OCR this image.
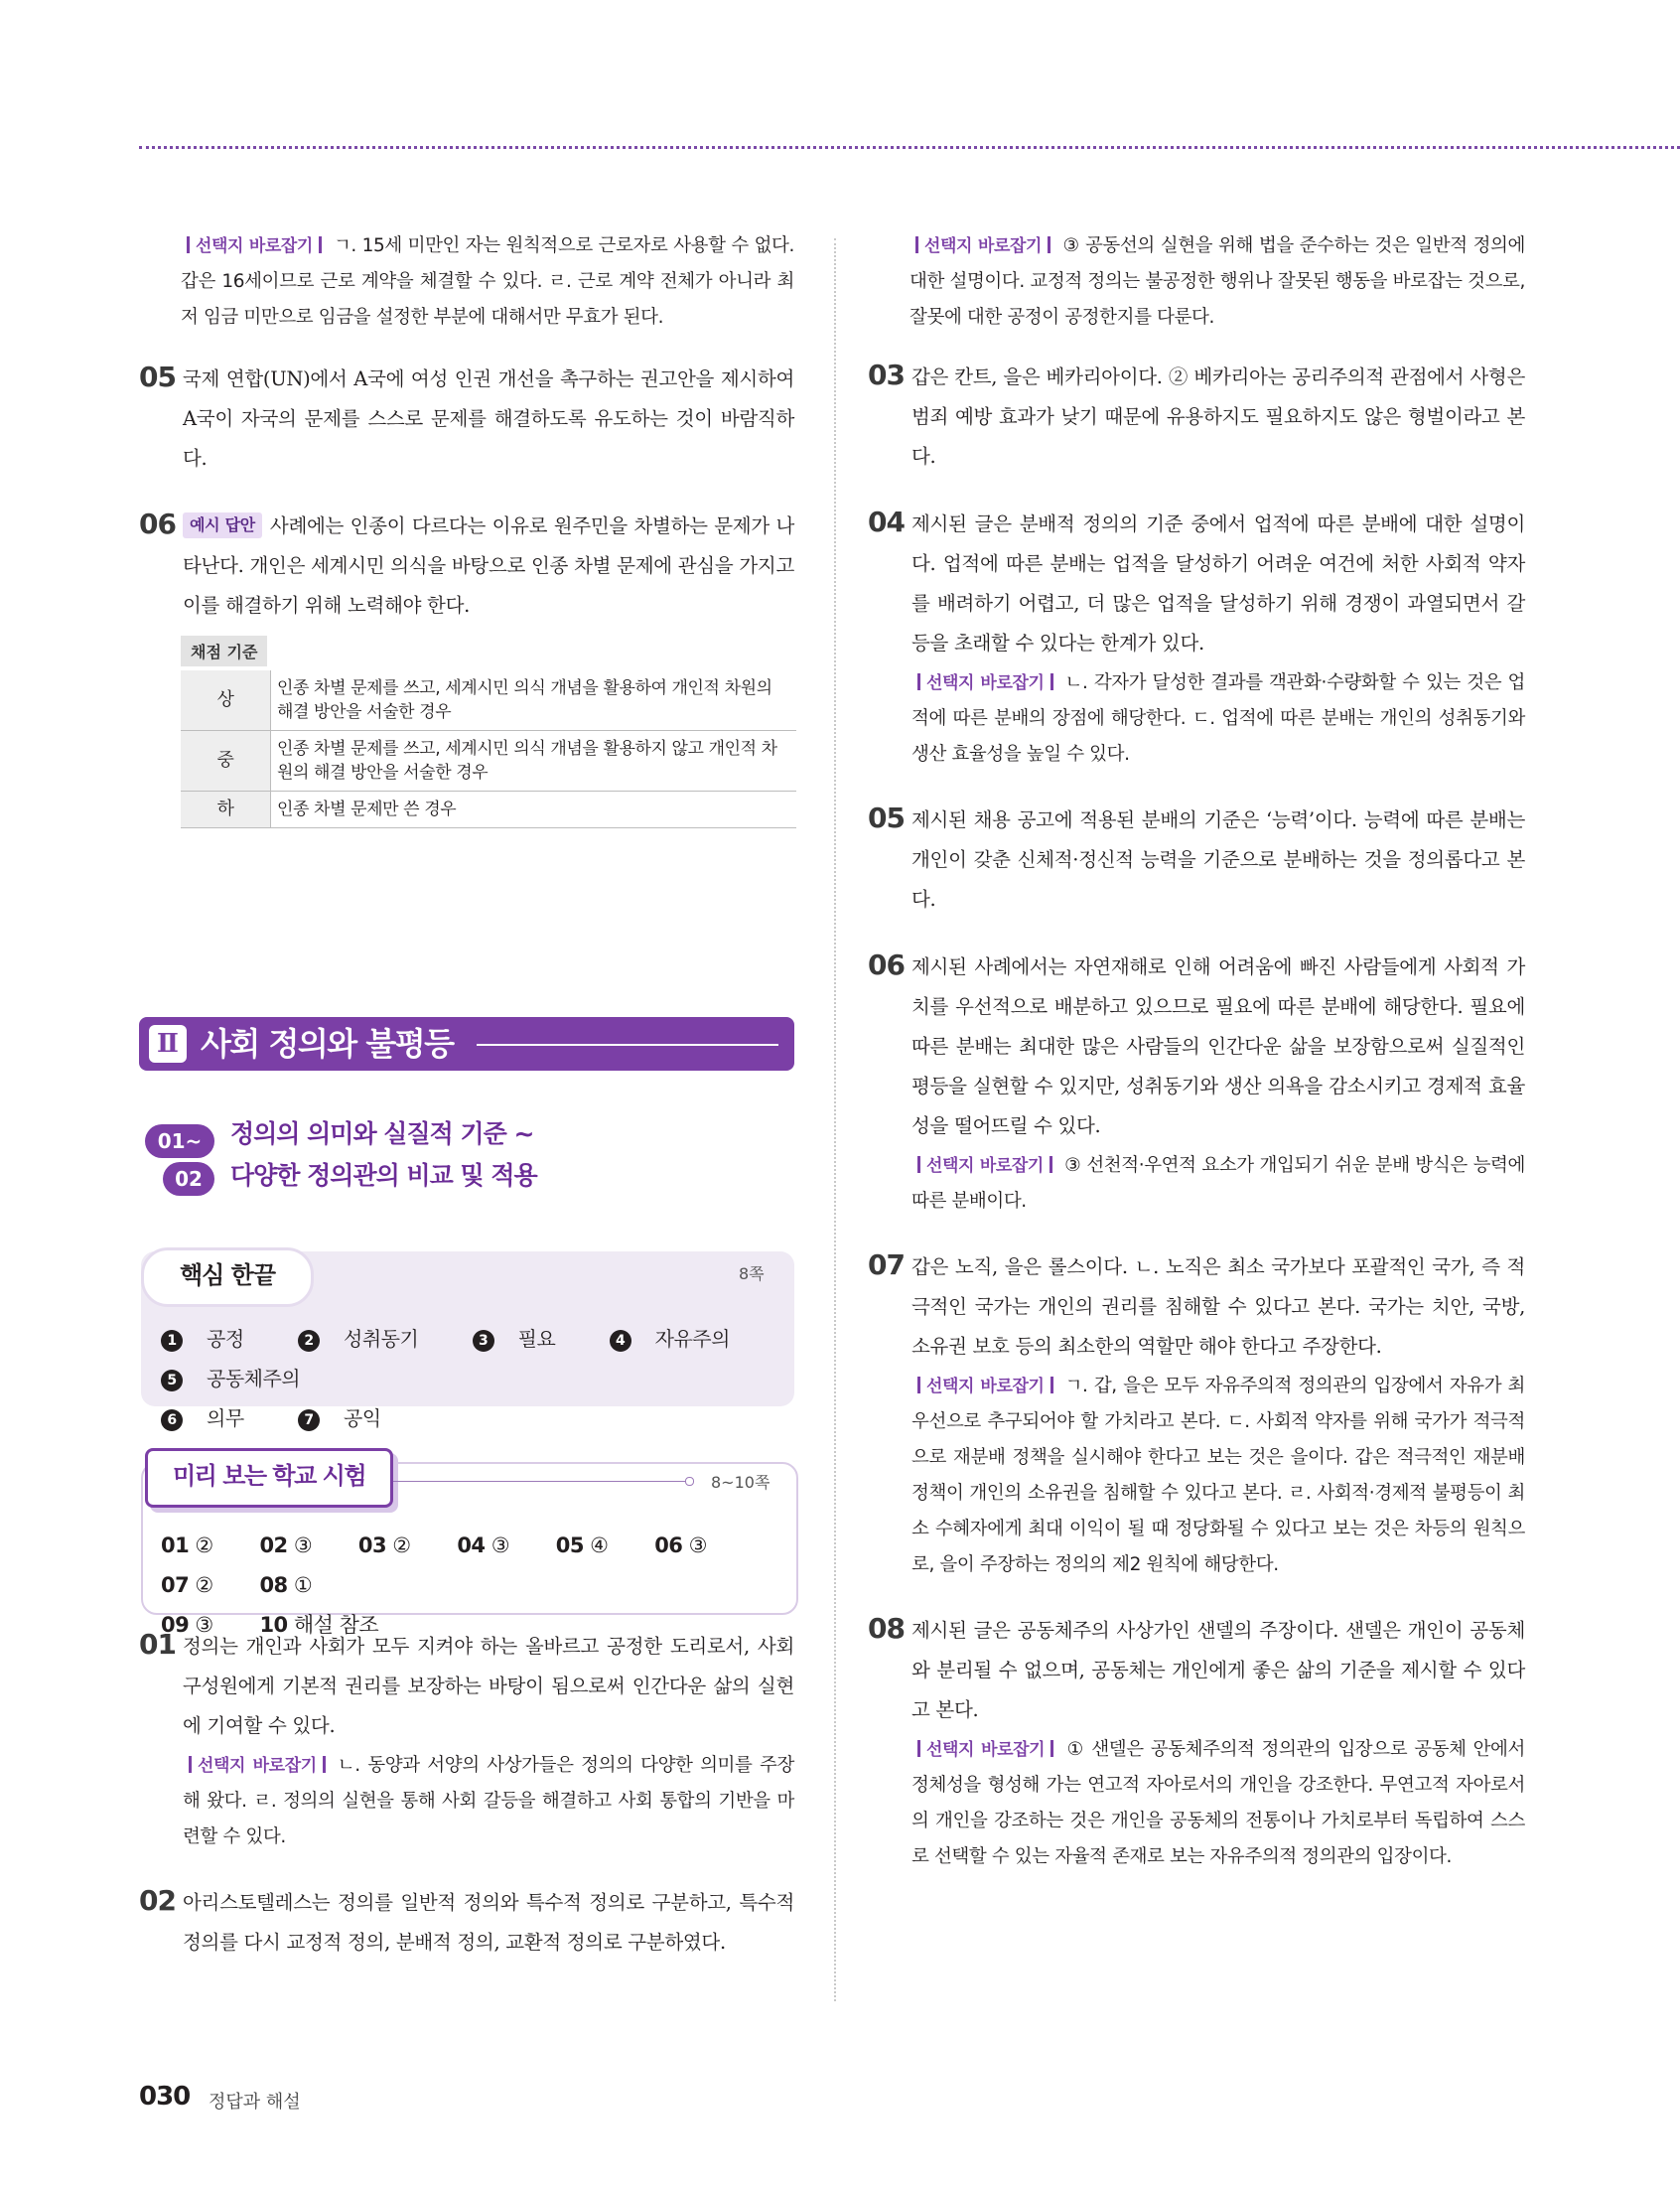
선택지 바로잡기 ㄱ. 15세 미만인 자는 원칙적으로 근로자로 사용할 수 없다. 갑은 16세이므로 근로 계약을 체결할 수 있다. ㄹ. 근로 계약 전체가 아니라 최저 임금 미만으로 임금을 설정한 부분에 대해서만 무효가 된다.
05 국제 연합(UN)에서 A국에 여성 인권 개선을 촉구하는 권고안을 제시하여 A국이 자국의 문제를 스스로 문제를 해결하도록 유도하는 것이 바람직하다.
06 예시 답안 사례에는 인종이 다르다는 이유로 원주민을 차별하는 문제가 나타난다. 개인은 세계시민 의식을 바탕으로 인종 차별 문제에 관심을 가지고 이를 해결하기 위해 노력해야 한다.
채점 기준
상	인종 차별 문제를 쓰고, 세계시민 의식 개념을 활용하여 개인적 차원의 해결 방안을 서술한 경우
중	인종 차별 문제를 쓰고, 세계시민 의식 개념을 활용하지 않고 개인적 차원의 해결 방안을 서술한 경우
하	인종 차별 문제만 쓴 경우
Ⅱ 사회 정의와 불평등
01~	정의의 의미와 실질적 기준 ~
02	다양한 정의관의 비교 및 적용
핵심 한끝	8쪽
1 공정	2 성취동기	3 필요	4 자유주의 5 공동체주의
6 의무	7 공익
미리 보는 학교 시험	8~10쪽
01 ② 02 ③ 03 ② 04 ③ 05 ④ 06 ③ 07 ② 08 ①
09 ③ 10 해설 참조
01 정의는 개인과 사회가 모두 지켜야 하는 올바르고 공정한 도리로서, 사회 구성원에게 기본적 권리를 보장하는 바탕이 됨으로써 인간다운 삶의 실현에 기여할 수 있다.
선택지 바로잡기 ㄴ. 동양과 서양의 사상가들은 정의의 다양한 의미를 주장해 왔다. ㄹ. 정의의 실현을 통해 사회 갈등을 해결하고 사회 통합의 기반을 마련할 수 있다.
02 아리스토텔레스는 정의를 일반적 정의와 특수적 정의로 구분하고, 특수적 정의를 다시 교정적 정의, 분배적 정의, 교환적 정의로 구분하였다.
선택지 바로잡기 ③ 공동선의 실현을 위해 법을 준수하는 것은 일반적 정의에 대한 설명이다. 교정적 정의는 불공정한 행위나 잘못된 행동을 바로잡는 것으로, 잘못에 대한 공정이 공정한지를 다룬다.
03 갑은 칸트, 을은 베카리아이다. ② 베카리아는 공리주의적 관점에서 사형은 범죄 예방 효과가 낮기 때문에 유용하지도 필요하지도 않은 형벌이라고 본다.
04 제시된 글은 분배적 정의의 기준 중에서 업적에 따른 분배에 대한 설명이다. 업적에 따른 분배는 업적을 달성하기 어려운 여건에 처한 사회적 약자를 배려하기 어렵고, 더 많은 업적을 달성하기 위해 경쟁이 과열되면서 갈등을 초래할 수 있다는 한계가 있다.
선택지 바로잡기 ㄴ. 각자가 달성한 결과를 객관화·수량화할 수 있는 것은 업적에 따른 분배의 장점에 해당한다. ㄷ. 업적에 따른 분배는 개인의 성취동기와 생산 효율성을 높일 수 있다.
05 제시된 채용 공고에 적용된 분배의 기준은 ‘능력’이다. 능력에 따른 분배는 개인이 갖춘 신체적·정신적 능력을 기준으로 분배하는 것을 정의롭다고 본다.
06 제시된 사례에서는 자연재해로 인해 어려움에 빠진 사람들에게 사회적 가치를 우선적으로 배분하고 있으므로 필요에 따른 분배에 해당한다. 필요에 따른 분배는 최대한 많은 사람들의 인간다운 삶을 보장함으로써 실질적인 평등을 실현할 수 있지만, 성취동기와 생산 의욕을 감소시키고 경제적 효율성을 떨어뜨릴 수 있다.
선택지 바로잡기 ③ 선천적·우연적 요소가 개입되기 쉬운 분배 방식은 능력에 따른 분배이다.
07 갑은 노직, 을은 롤스이다. ㄴ. 노직은 최소 국가보다 포괄적인 국가, 즉 적극적인 국가는 개인의 권리를 침해할 수 있다고 본다. 국가는 치안, 국방, 소유권 보호 등의 최소한의 역할만 해야 한다고 주장한다.
선택지 바로잡기 ㄱ. 갑, 을은 모두 자유주의적 정의관의 입장에서 자유가 최우선으로 추구되어야 할 가치라고 본다. ㄷ. 사회적 약자를 위해 국가가 적극적으로 재분배 정책을 실시해야 한다고 보는 것은 을이다. 갑은 적극적인 재분배 정책이 개인의 소유권을 침해할 수 있다고 본다. ㄹ. 사회적·경제적 불평등이 최소 수혜자에게 최대 이익이 될 때 정당화될 수 있다고 보는 것은 차등의 원칙으로, 을이 주장하는 정의의 제2 원칙에 해당한다.
08 제시된 글은 공동체주의 사상가인 샌델의 주장이다. 샌델은 개인이 공동체와 분리될 수 없으며, 공동체는 개인에게 좋은 삶의 기준을 제시할 수 있다고 본다.
선택지 바로잡기 ① 샌델은 공동체주의적 정의관의 입장으로 공동체 안에서 정체성을 형성해 가는 연고적 자아로서의 개인을 강조한다. 무연고적 자아로서의 개인을 강조하는 것은 개인을 공동체의 전통이나 가치로부터 독립하여 스스로 선택할 수 있는 자율적 존재로 보는 자유주의적 정의관의 입장이다.
030 정답과 해설
